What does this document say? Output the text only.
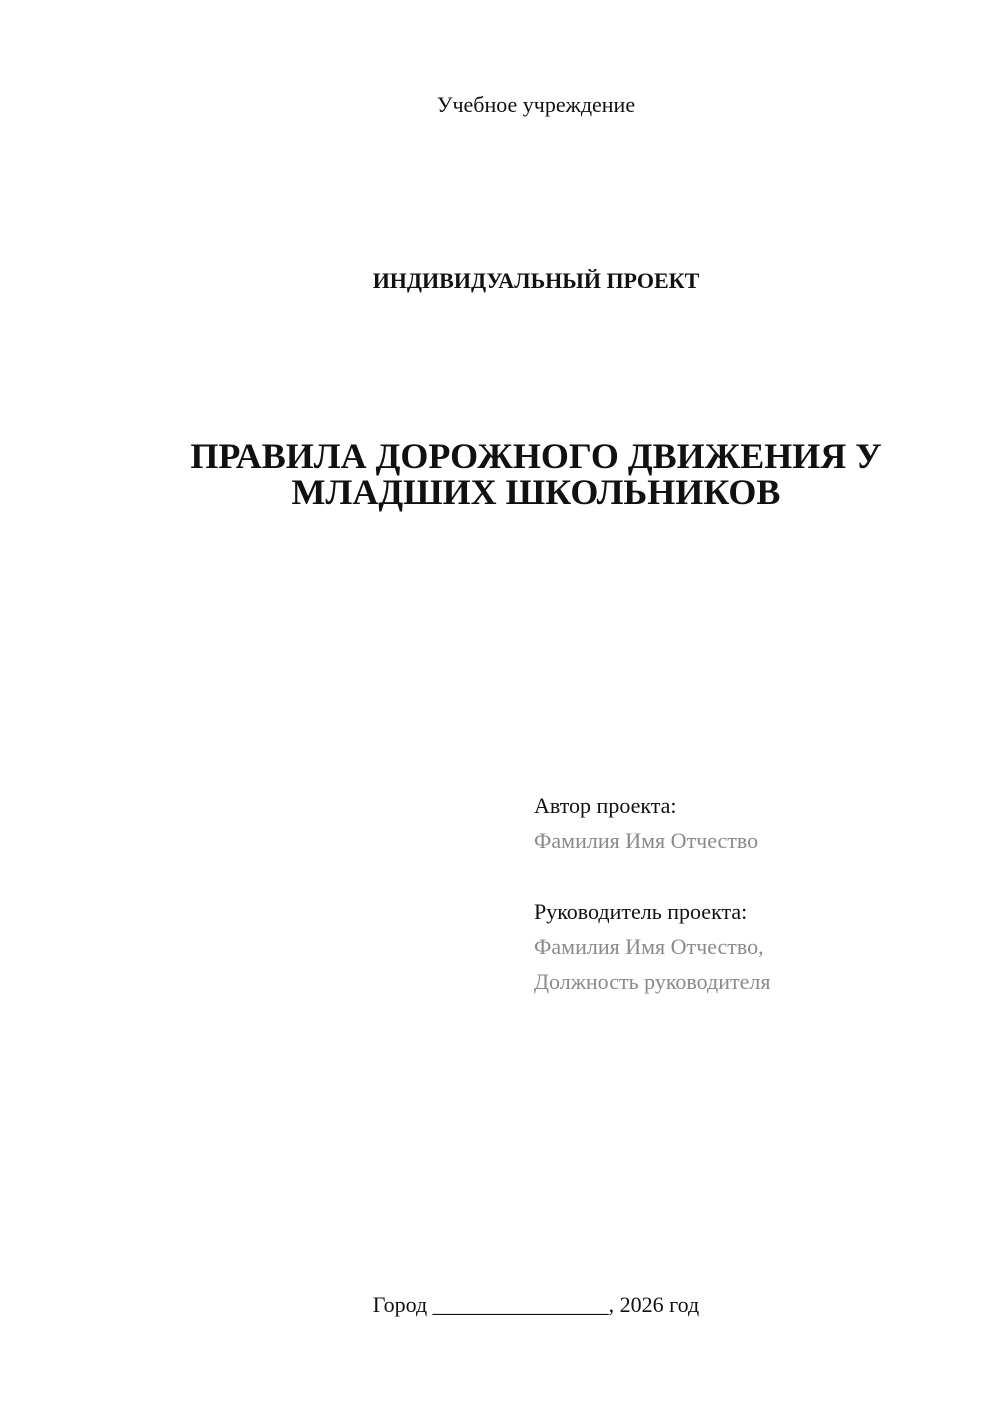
Учебное учреждение
ИНДИВИДУАЛЬНЫЙ ПРОЕКТ
ПРАВИЛА ДОРОЖНОГО ДВИЖЕНИЯ У
МЛАДШИХ ШКОЛЬНИКОВ
Автор проекта:
Фамилия Имя Отчество
Руководитель проекта:
Фамилия Имя Отчество,
Должность руководителя
Город ________________, 2026 год
